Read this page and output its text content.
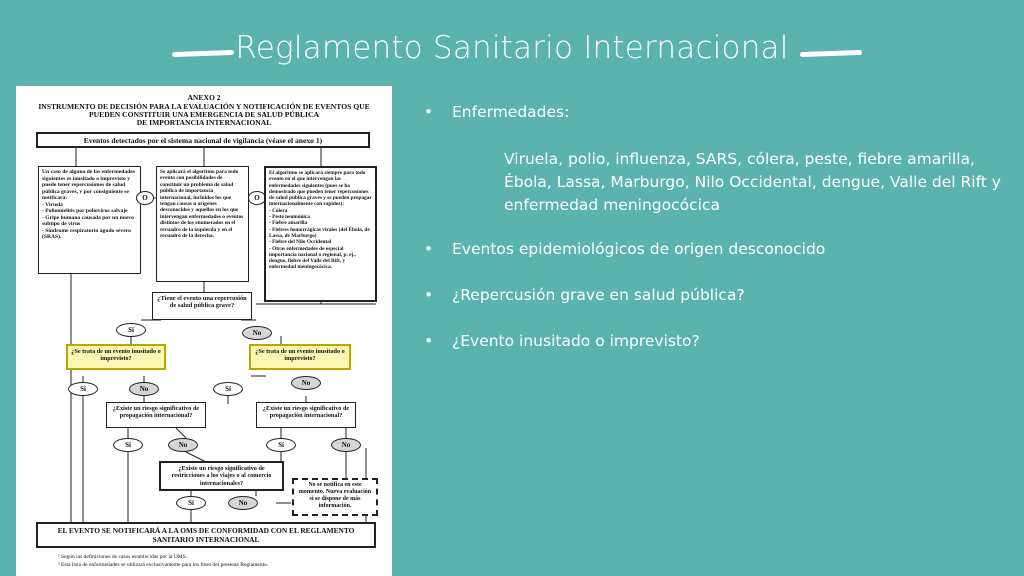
Reglamento Sanitario Internacional
ANEXO 2
INSTRUMENTO DE DECISIÓN PARA LA EVALUACIÓN Y NOTIFICACIÓN DE EVENTOS QUE
PUEDEN CONSTITUIR UNA EMERGENCIA DE SALUD PÚBLICA
DE IMPORTANCIA INTERNACIONAL
Eventos detectados por el sistema nacional de vigilancia (véase el anexo 1)
Un caso de alguna de las enfermedades siguientes es inusitado o imprevisto y puede tener repercusiones de salud pública graves, y por consiguiente se notificará:
- Viruela
- Poliomielitis por poliovirus salvaje
- Gripe humana causada por un nuevo subtipo de virus
- Síndrome respiratorio agudo severo (SRAS).
O
Se aplicará el algoritmo para todo evento con posibilidades de constituir un problema de salud pública de importancia internacional, incluidos los que tengan causas u orígenes desconocidos y aquellos en los que intervengan enfermedades o eventos distintos de los enumerados en el recuadro de la izquierda y en el recuadro de la derecha.
O
El algoritmo se aplicará siempre para todo evento en el que intervengan las enfermedades siguientes (pues se ha demostrado que pueden tener repercusiones de salud pública graves y se pueden propagar internacionalmente con rapidez):
- Cólera
- Peste neumónica
- Fiebre amarilla
- Fiebres hemorrágicas virales (del Ébola, de Lassa, de Marburgo)
- Fiebre del Nilo Occidental
- Otras enfermedades de especial importancia nacional o regional, p. ej., dengue, fiebre del Valle del Rift, y enfermedad meningocócica.
¿Tiene el evento una repercusión de salud pública grave?
Sí	No
¿Se trata de un evento inusitado o imprevisto?
¿Se trata de un evento inusitado o imprevisto?
Sí	No	Sí
No
¿Existe un riesgo significativo de propagación internacional?
¿Existe un riesgo significativo de propagación internacional?
Sí	No	Sí	No
¿Existe un riesgo significativo de restricciones a los viajes o al comercio internacionales?
Sí	No
No se notifica en este momento. Nueva evaluación si se dispone de más información.
EL EVENTO SE NOTIFICARÁ A LA OMS DE CONFORMIDAD CON EL REGLAMENTO SANITARIO INTERNACIONAL
¹ Según las definiciones de casos establecidas por la OMS.
² Esta lista de enfermedades se utilizará exclusivamente para los fines del presente Reglamento.
• Enfermedades:
Viruela, polio, influenza, SARS, cólera, peste, fiebre amarilla,
Ébola, Lassa, Marburgo, Nilo Occidental, dengue, Valle del Rift y
enfermedad meningocócica
• Eventos epidemiológicos de origen desconocido
• ¿Repercusión grave en salud pública?
• ¿Evento inusitado o imprevisto?
